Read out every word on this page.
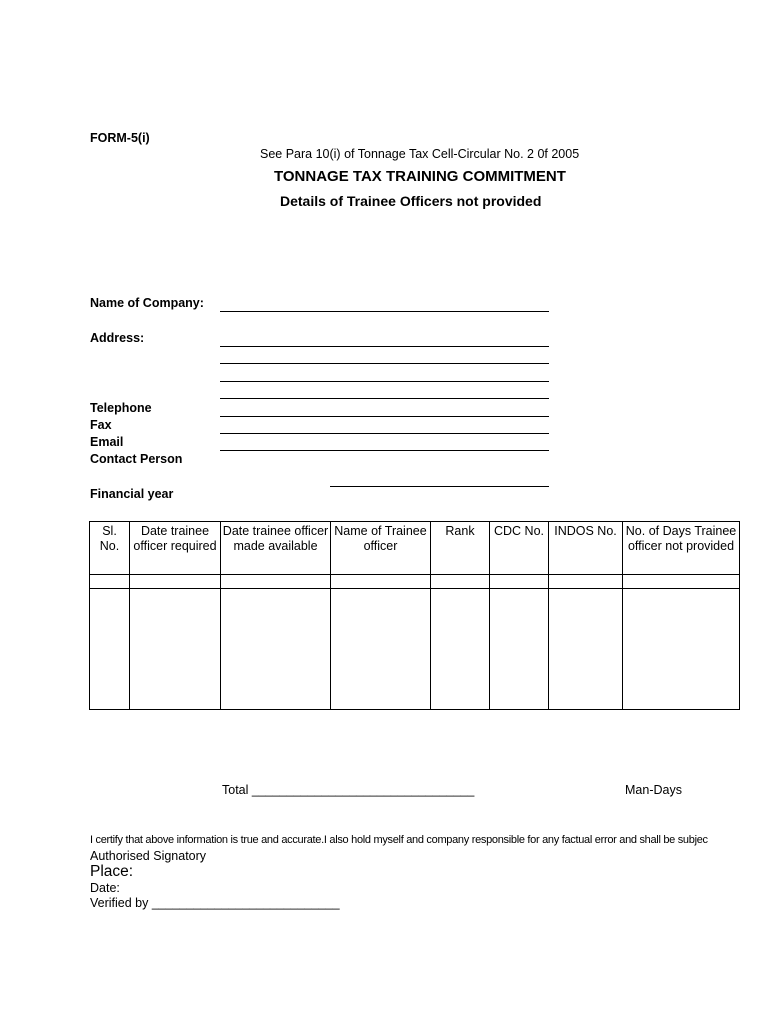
FORM-5(i)
See Para 10(i) of Tonnage Tax Cell-Circular No. 2 0f 2005
TONNAGE TAX TRAINING COMMITMENT
Details of Trainee Officers not provided
Name of Company:
Address:
Telephone
Fax
Email
Contact Person
Financial year
Sl. No.	Date trainee officer required	Date trainee officer made available	Name of Trainee officer	Rank	CDC No.	INDOS No.	No. of Days Trainee officer not provided

Total ________________________________	Man-Days
I certify that above information is true and accurate.I also hold myself and company responsible for any factual error and shall be subjec
Authorised Signatory
Place:
Date:
Verified by ___________________________
